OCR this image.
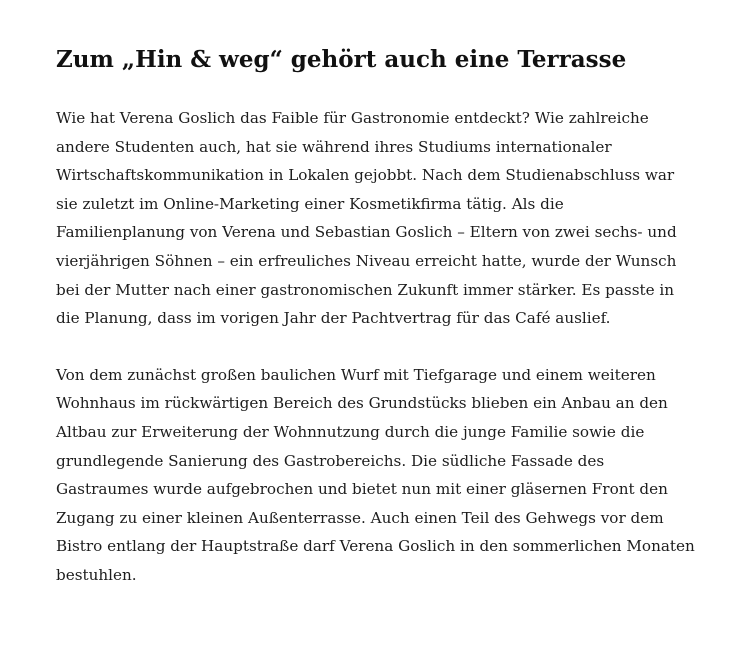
Zum „Hin & weg“ gehört auch eine Terrasse

Wie hat Verena Goslich das Faible für Gastronomie entdeckt? Wie zahlreiche andere Studenten auch, hat sie während ihres Studiums internationaler Wirtschaftskommunikation in Lokalen gejobbt. Nach dem Studienabschluss war sie zuletzt im Online-Marketing einer Kosmetikfirma tätig. Als die Familienplanung von Verena und Sebastian Goslich – Eltern von zwei sechs- und vierjährigen Söhnen – ein erfreuliches Niveau erreicht hatte, wurde der Wunsch bei der Mutter nach einer gastronomischen Zukunft immer stärker. Es passte in die Planung, dass im vorigen Jahr der Pachtvertrag für das Café auslief.

Von dem zunächst großen baulichen Wurf mit Tiefgarage und einem weiteren Wohnhaus im rückwärtigen Bereich des Grundstücks blieben ein Anbau an den Altbau zur Erweiterung der Wohnnutzung durch die junge Familie sowie die grundlegende Sanierung des Gastrobereichs. Die südliche Fassade des Gastraumes wurde aufgebrochen und bietet nun mit einer gläsernen Front den Zugang zu einer kleinen Außenterrasse. Auch einen Teil des Gehwegs vor dem Bistro entlang der Hauptstraße darf Verena Goslich in den sommerlichen Monaten bestuhlen.
